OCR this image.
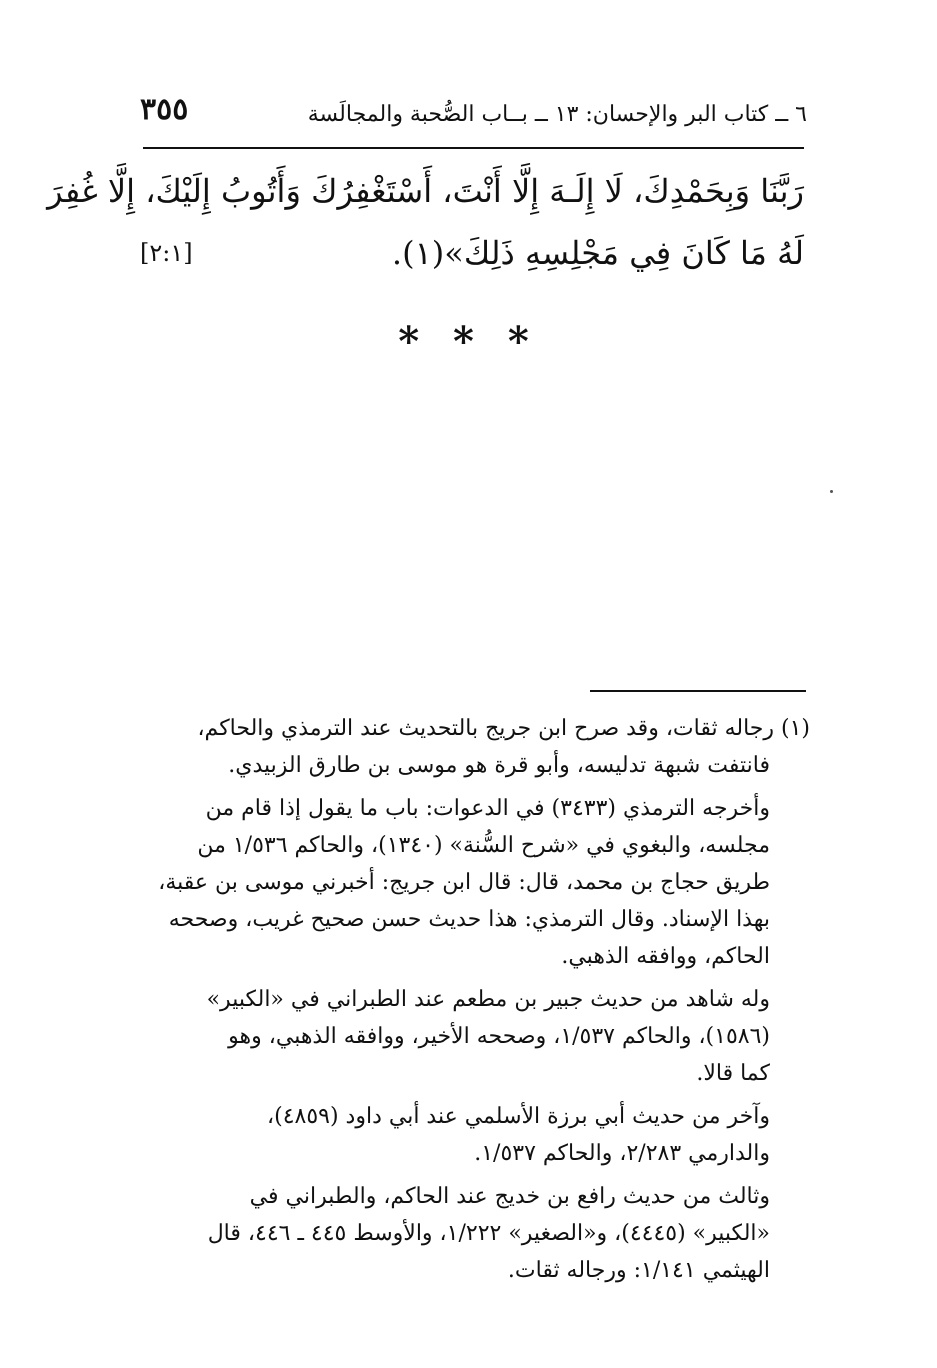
٣٥٥	٦ ــ كتاب البر والإحسان: ١٣ ــ بــاب الصُّحبة والمجالَسة
رَبَّنَا وَبِحَمْدِكَ، لَا إِلَـهَ إِلَّا أَنْتَ، أَسْتَغْفِرُكَ وَأَتُوبُ إِلَيْكَ، إِلَّا غُفِرَ
[٢:١]	لَهُ مَا كَانَ فِي مَجْلِسِهِ ذَلِكَ»(١).
* * *
(١) رجاله ثقات، وقد صرح ابن جريج بالتحديث عند الترمذي والحاكم،
فانتفت شبهة تدليسه، وأبو قرة هو موسى بن طارق الزبيدي.
وأخرجه الترمذي (٣٤٣٣) في الدعوات: باب ما يقول إذا قام من
مجلسه، والبغوي في «شرح السُّنة» (١٣٤٠)، والحاكم ١/٥٣٦ من
طريق حجاج بن محمد، قال: قال ابن جريج: أخبرني موسى بن عقبة،
بهذا الإسناد. وقال الترمذي: هذا حديث حسن صحيح غريب، وصححه
الحاكم، ووافقه الذهبي.
وله شاهد من حديث جبير بن مطعم عند الطبراني في «الكبير»
(١٥٨٦)، والحاكم ١/٥٣٧، وصححه الأخير، ووافقه الذهبي، وهو
كما قالا.
وآخر من حديث أبي برزة الأسلمي عند أبي داود (٤٨٥٩)،
والدارمي ٢/٢٨٣، والحاكم ١/٥٣٧.
وثالث من حديث رافع بن خديج عند الحاكم، والطبراني في
«الكبير» (٤٤٤٥)، و«الصغير» ١/٢٢٢، والأوسط ٤٤٥ ـ ٤٤٦، قال
الهيثمي ١/١٤١: ورجاله ثقات.
